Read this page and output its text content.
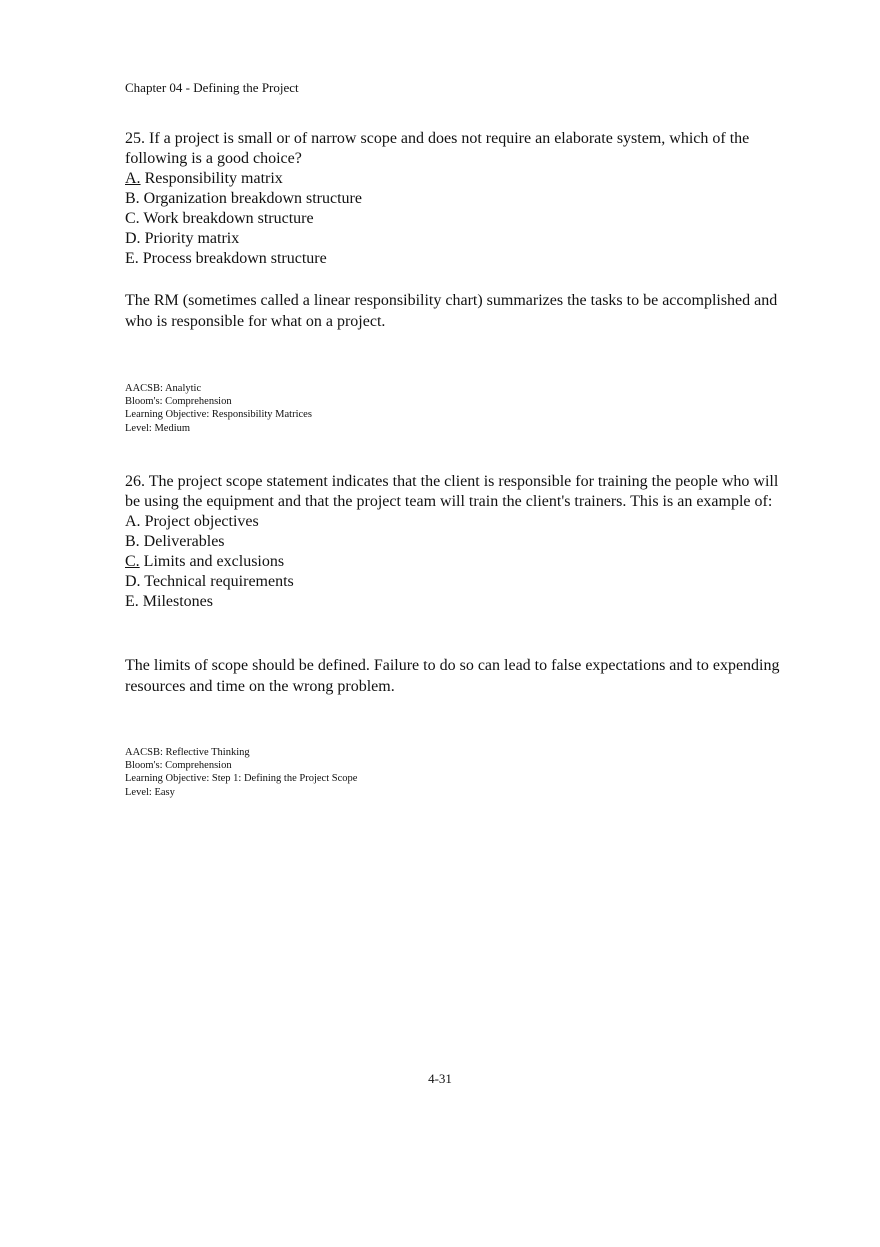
Chapter 04 - Defining the Project

25. If a project is small or of narrow scope and does not require an elaborate system, which of the following is a good choice?

A. Responsibility matrix
B. Organization breakdown structure
C. Work breakdown structure
D. Priority matrix
E. Process breakdown structure

The RM (sometimes called a linear responsibility chart) summarizes the tasks to be accomplished and who is responsible for what on a project.

AACSB: Analytic
Bloom's: Comprehension
Learning Objective: Responsibility Matrices
Level: Medium

26. The project scope statement indicates that the client is responsible for training the people who will be using the equipment and that the project team will train the client's trainers. This is an example of:

A. Project objectives
B. Deliverables
C. Limits and exclusions
D. Technical requirements
E. Milestones

The limits of scope should be defined. Failure to do so can lead to false expectations and to expending resources and time on the wrong problem.

AACSB: Reflective Thinking
Bloom's: Comprehension
Learning Objective: Step 1: Defining the Project Scope
Level: Easy
4-31
